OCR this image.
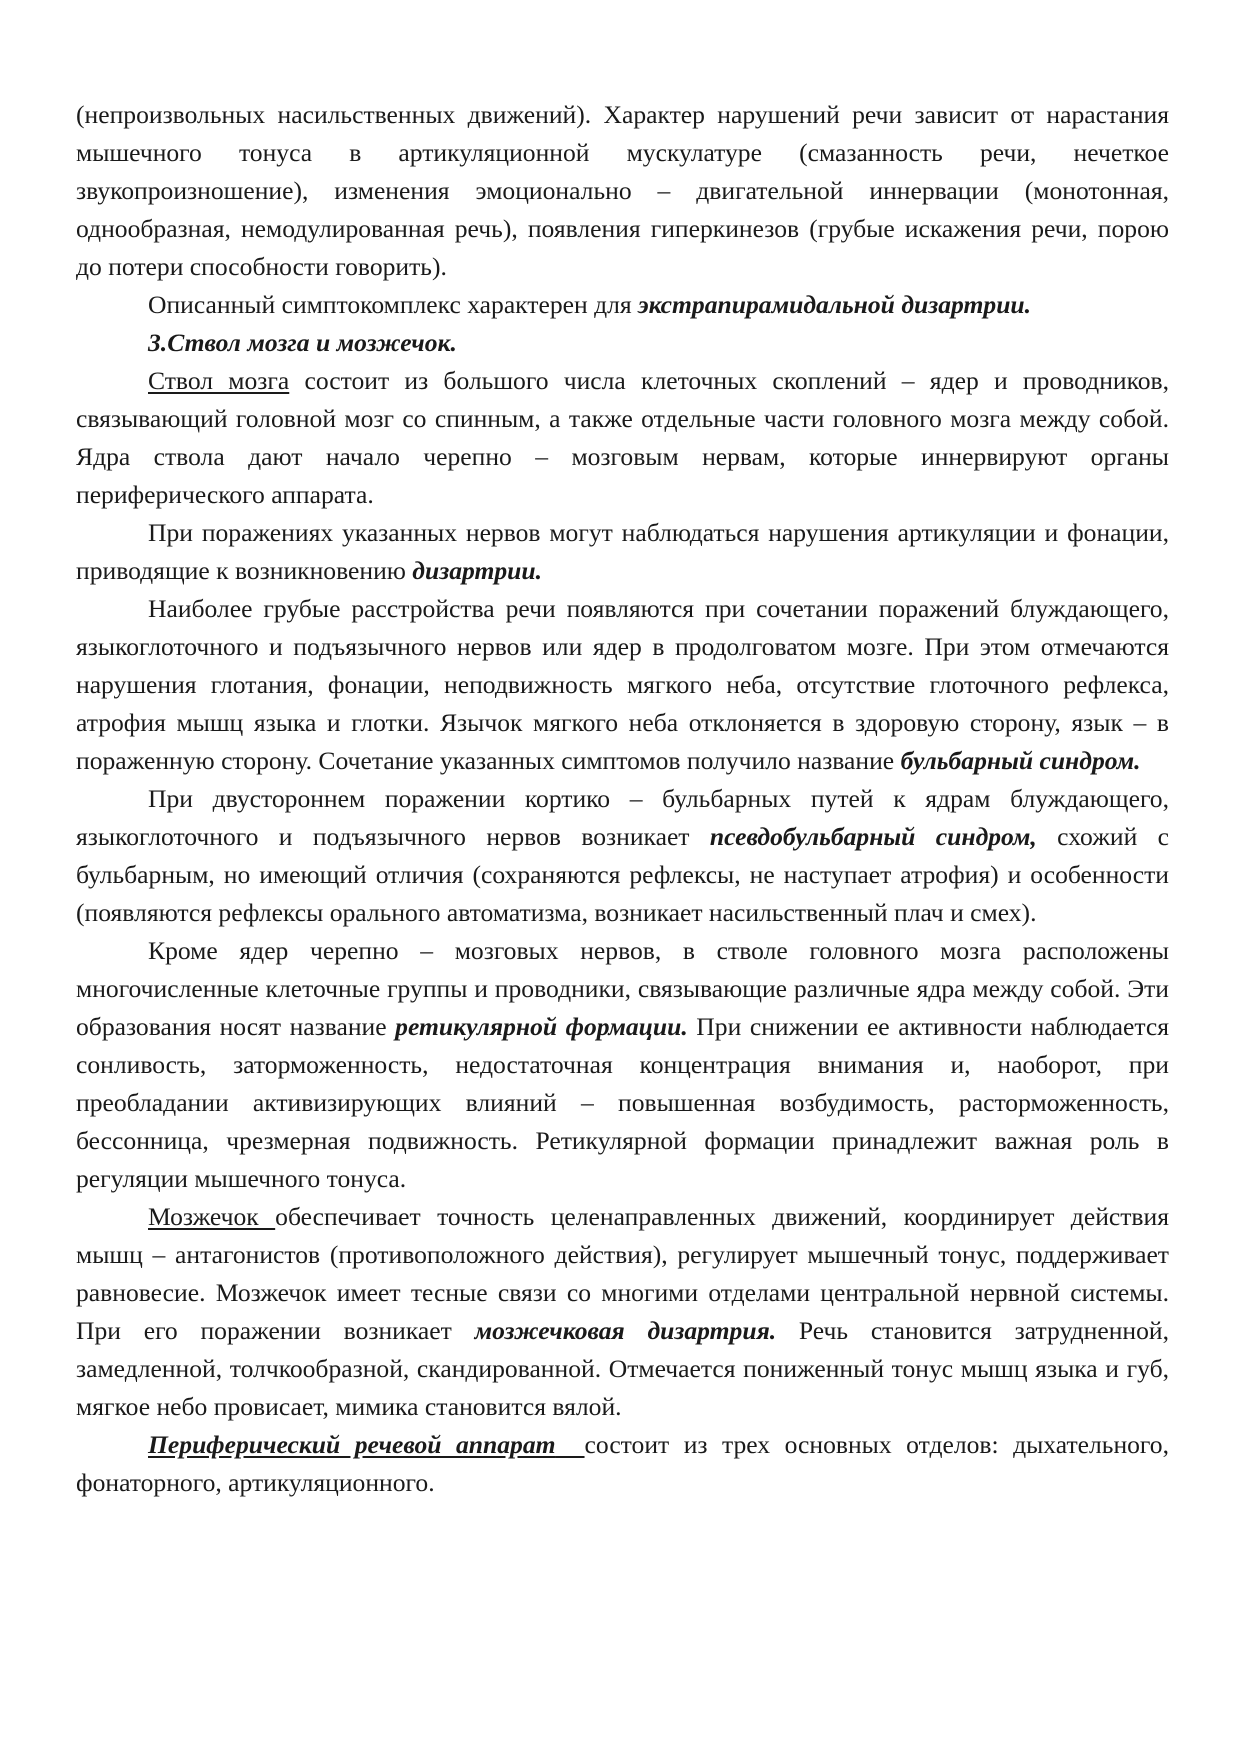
(непроизвольных насильственных движений). Характер нарушений речи зависит от нарастания мышечного тонуса в артикуляционной мускулатуре (смазанность речи, нечеткое звукопроизношение), изменения эмоционально – двигательной иннервации (монотонная, однообразная, немодулированная речь), появления гиперкинезов (грубые искажения речи, порою до потери способности говорить).

Описанный симптокомплекс характерен для экстрапирамидальной дизартрии.

3.Ствол мозга и мозжечок.

Ствол мозга состоит из большого числа клеточных скоплений – ядер и проводников, связывающий головной мозг со спинным, а также отдельные части головного мозга между собой. Ядра ствола дают начало черепно – мозговым нервам, которые иннервируют органы периферического аппарата.

При поражениях указанных нервов могут наблюдаться нарушения артикуляции и фонации, приводящие к возникновению дизартрии.

Наиболее грубые расстройства речи появляются при сочетании поражений блуждающего, языкоглоточного и подъязычного нервов или ядер в продолговатом мозге. При этом отмечаются нарушения глотания, фонации, неподвижность мягкого неба, отсутствие глоточного рефлекса, атрофия мышц языка и глотки. Язычок мягкого неба отклоняется в здоровую сторону, язык – в пораженную сторону. Сочетание указанных симптомов получило название бульбарный синдром.

При двустороннем поражении кортико – бульбарных путей к ядрам блуждающего, языкоглоточного и подъязычного нервов возникает псевдобульбарный синдром, схожий с бульбарным, но имеющий отличия (сохраняются рефлексы, не наступает атрофия) и особенности (появляются рефлексы орального автоматизма, возникает насильственный плач и смех).

Кроме ядер черепно – мозговых нервов, в стволе головного мозга расположены многочисленные клеточные группы и проводники, связывающие различные ядра между собой. Эти образования носят название ретикулярной формации. При снижении ее активности наблюдается сонливость, заторможенность, недостаточная концентрация внимания и, наоборот, при преобладании активизирующих влияний – повышенная возбудимость, расторможенность, бессонница, чрезмерная подвижность. Ретикулярной формации принадлежит важная роль в регуляции мышечного тонуса.

Мозжечок обеспечивает точность целенаправленных движений, координирует действия мышц – антагонистов (противоположного действия), регулирует мышечный тонус, поддерживает равновесие. Мозжечок имеет тесные связи со многими отделами центральной нервной системы. При его поражении возникает мозжечковая дизартрия. Речь становится затрудненной, замедленной, толчкообразной, скандированной. Отмечается пониженный тонус мышц языка и губ, мягкое небо провисает, мимика становится вялой.

Периферический речевой аппарат состоит из трех основных отделов: дыхательного, фонаторного, артикуляционного.
